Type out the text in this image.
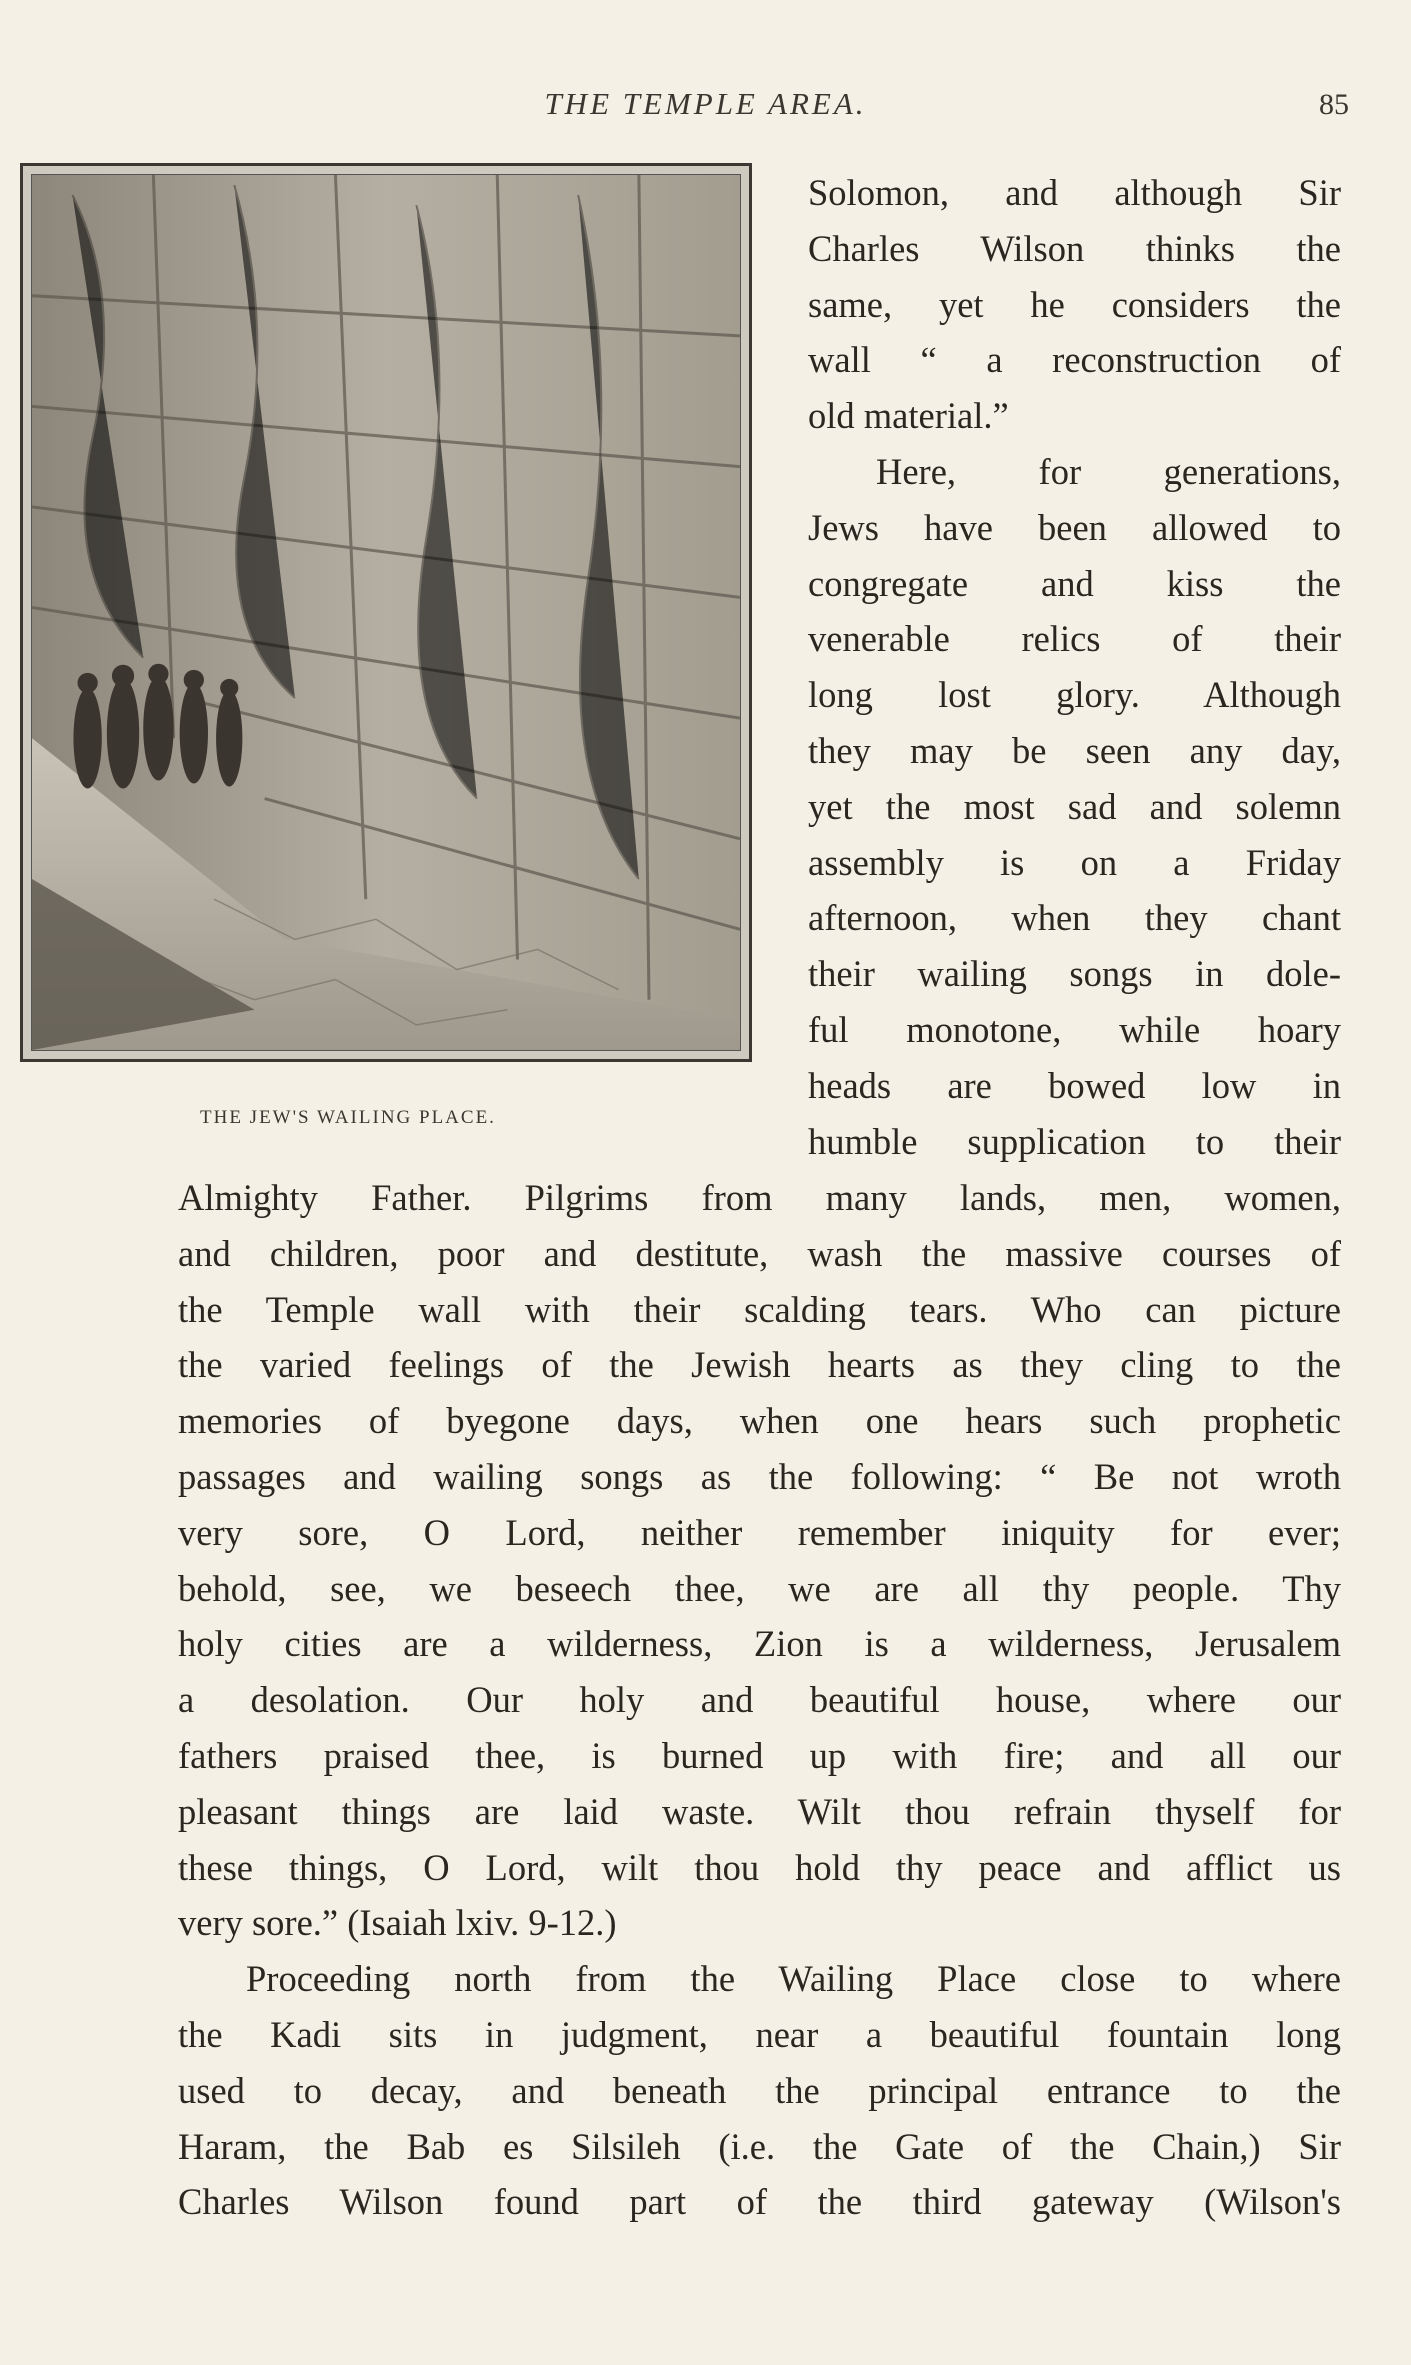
THE TEMPLE AREA.	85
THE JEW'S WAILING PLACE.
Solomon, and although Sir
Charles Wilson thinks the
same, yet he considers the
wall “ a reconstruction of
old material.”
Here, for generations,
Jews have been allowed to
congregate and kiss the
venerable relics of their
long lost glory. Although
they may be seen any day,
yet the most sad and solemn
assembly is on a Friday
afternoon, when they chant
their wailing songs in dole-
ful monotone, while hoary
heads are bowed low in
humble supplication to their
Almighty Father. Pilgrims from many lands, men, women,
and children, poor and destitute, wash the massive courses of
the Temple wall with their scalding tears. Who can picture
the varied feelings of the Jewish hearts as they cling to the
memories of byegone days, when one hears such prophetic
passages and wailing songs as the following: “ Be not wroth
very sore, O Lord, neither remember iniquity for ever;
behold, see, we beseech thee, we are all thy people. Thy
holy cities are a wilderness, Zion is a wilderness, Jerusalem
a desolation. Our holy and beautiful house, where our
fathers praised thee, is burned up with fire; and all our
pleasant things are laid waste. Wilt thou refrain thyself for
these things, O Lord, wilt thou hold thy peace and afflict us
very sore.” (Isaiah lxiv. 9-12.)
Proceeding north from the Wailing Place close to where
the Kadi sits in judgment, near a beautiful fountain long
used to decay, and beneath the principal entrance to the
Haram, the Bab es Silsileh (i.e. the Gate of the Chain,) Sir
Charles Wilson found part of the third gateway (Wilson's
